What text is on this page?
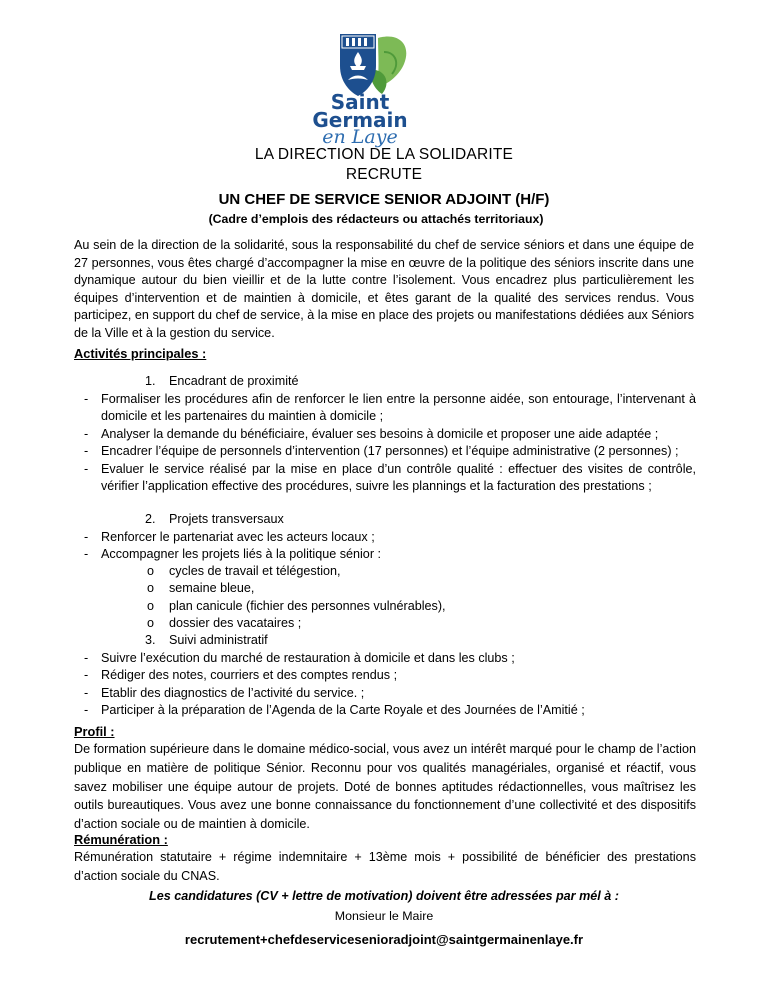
Saint
Germain
en Laye
LA DIRECTION DE LA SOLIDARITE
RECRUTE
UN CHEF DE SERVICE SENIOR ADJOINT (H/F)
(Cadre d’emplois des rédacteurs ou attachés territoriaux)
Au sein de la direction de la solidarité, sous la responsabilité du chef de service séniors et dans une équipe de 27 personnes, vous êtes chargé d’accompagner la mise en œuvre de la politique des séniors inscrite dans une dynamique autour du bien vieillir et de la lutte contre l’isolement. Vous encadrez plus particulièrement les équipes d’intervention et de maintien à domicile, et êtes garant de la qualité des services rendus. Vous participez, en support du chef de service, à la mise en place des projets ou manifestations dédiées aux Séniors de la Ville et à la gestion du service.
Activités principales :
1. Encadrant de proximité
- Formaliser les procédures afin de renforcer le lien entre la personne aidée, son entourage, l’intervenant à domicile et les partenaires du maintien à domicile ;
- Analyser la demande du bénéficiaire, évaluer ses besoins à domicile et proposer une aide adaptée ;
- Encadrer l’équipe de personnels d’intervention (17 personnes) et l’équipe administrative (2 personnes) ;
- Evaluer le service réalisé par la mise en place d’un contrôle qualité : effectuer des visites de contrôle, vérifier l’application effective des procédures, suivre les plannings et la facturation des prestations ;
2. Projets transversaux
- Renforcer le partenariat avec les acteurs locaux ;
- Accompagner les projets liés à la politique sénior :
o cycles de travail et télégestion,
o semaine bleue,
o plan canicule (fichier des personnes vulnérables),
o dossier des vacataires ;
3. Suivi administratif
- Suivre l’exécution du marché de restauration à domicile et dans les clubs ;
- Rédiger des notes, courriers et des comptes rendus ;
- Etablir des diagnostics de l’activité du service. ;
- Participer à la préparation de l’Agenda de la Carte Royale et des Journées de l’Amitié ;
Profil :
De formation supérieure dans le domaine médico-social, vous avez un intérêt marqué pour le champ de l’action publique en matière de politique Sénior. Reconnu pour vos qualités managériales, organisé et réactif, vous savez mobiliser une équipe autour de projets. Doté de bonnes aptitudes rédactionnelles, vous maîtrisez les outils bureautiques. Vous avez une bonne connaissance du fonctionnement d’une collectivité et des dispositifs d’action sociale ou de maintien à domicile.
Rémunération :
Rémunération statutaire + régime indemnitaire + 13ème mois + possibilité de bénéficier des prestations d’action sociale du CNAS.
Les candidatures (CV + lettre de motivation) doivent être adressées par mél à :
Monsieur le Maire
recrutement+chefdeservicesenioradjoint@saintgermainenlaye.fr
